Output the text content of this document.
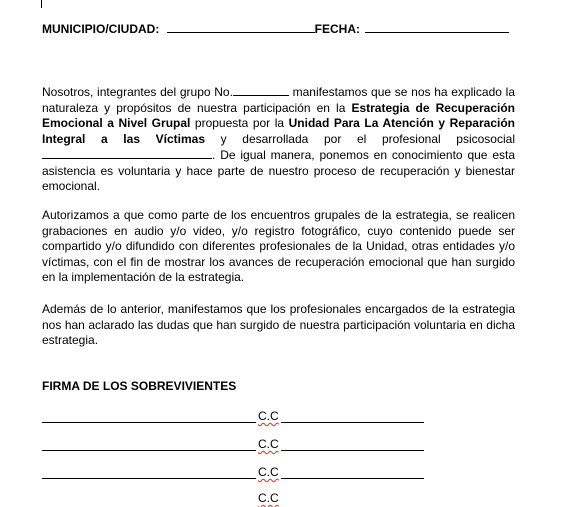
MUNICIPIO/CIUDAD:	FECHA:
Nosotros, integrantes del grupo No.	manifestamos que se nos ha explicado la naturaleza y propósitos de nuestra participación en la Estrategia de Recuperación Emocional a Nivel Grupal propuesta por la Unidad Para La Atención y Reparación Integral a las Víctimas y desarrollada por el profesional psicosocial . De igual manera, ponemos en conocimiento que esta asistencia es voluntaria y hace parte de nuestro proceso de recuperación y bienestar emocional.
Autorizamos a que como parte de los encuentros grupales de la estrategia, se realicen grabaciones en audio y/o video, y/o registro fotográfico, cuyo contenido puede ser compartido y/o difundido con diferentes profesionales de la Unidad, otras entidades y/o víctimas, con el fin de mostrar los avances de recuperación emocional que han surgido en la implementación de la estrategia.
Además de lo anterior, manifestamos que los profesionales encargados de la estrategia nos han aclarado las dudas que han surgido de nuestra participación voluntaria en dicha estrategia.
FIRMA DE LOS SOBREVIVIENTES
C.C
C.C
C.C
C.C
